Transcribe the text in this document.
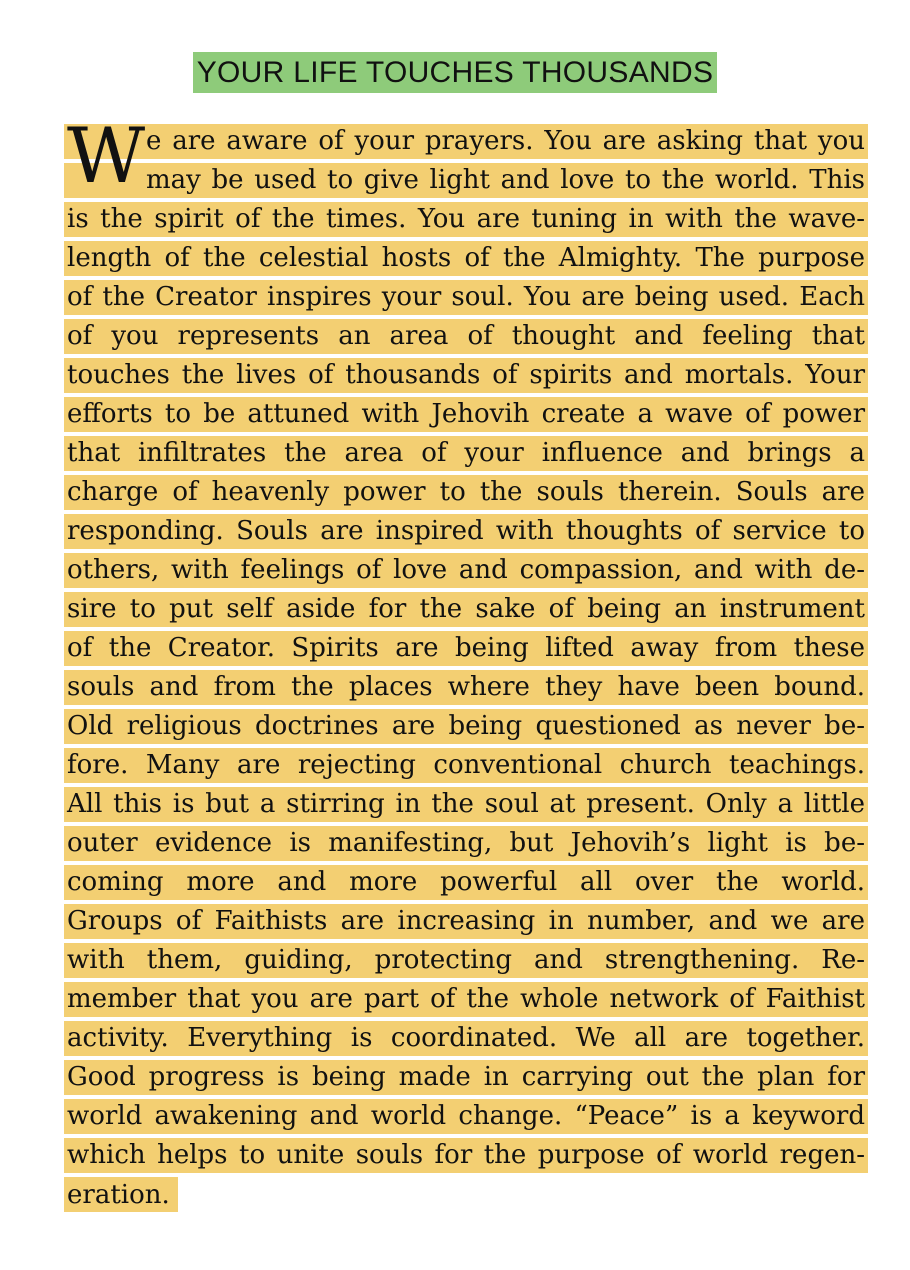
YOUR LIFE TOUCHES THOUSANDS
W e are aware of your prayers. You are asking that you
may be used to give light and love to the world. This
is the spirit of the times. You are tuning in with the wave-
length of the celestial hosts of the Almighty. The purpose
of the Creator inspires your soul. You are being used. Each
of you represents an area of thought and feeling that
touches the lives of thousands of spirits and mortals. Your
efforts to be attuned with Jehovih create a wave of power
that infiltrates the area of your influence and brings a
charge of heavenly power to the souls therein. Souls are
responding. Souls are inspired with thoughts of service to
others, with feelings of love and compassion, and with de-
sire to put self aside for the sake of being an instrument
of the Creator. Spirits are being lifted away from these
souls and from the places where they have been bound.
Old religious doctrines are being questioned as never be-
fore. Many are rejecting conventional church teachings.
All this is but a stirring in the soul at present. Only a little
outer evidence is manifesting, but Jehovih’s light is be-
coming more and more powerful all over the world.
Groups of Faithists are increasing in number, and we are
with them, guiding, protecting and strengthening. Re-
member that you are part of the whole network of Faithist
activity. Everything is coordinated. We all are together.
Good progress is being made in carrying out the plan for
world awakening and world change. “Peace” is a keyword
which helps to unite souls for the purpose of world regen-
eration.
